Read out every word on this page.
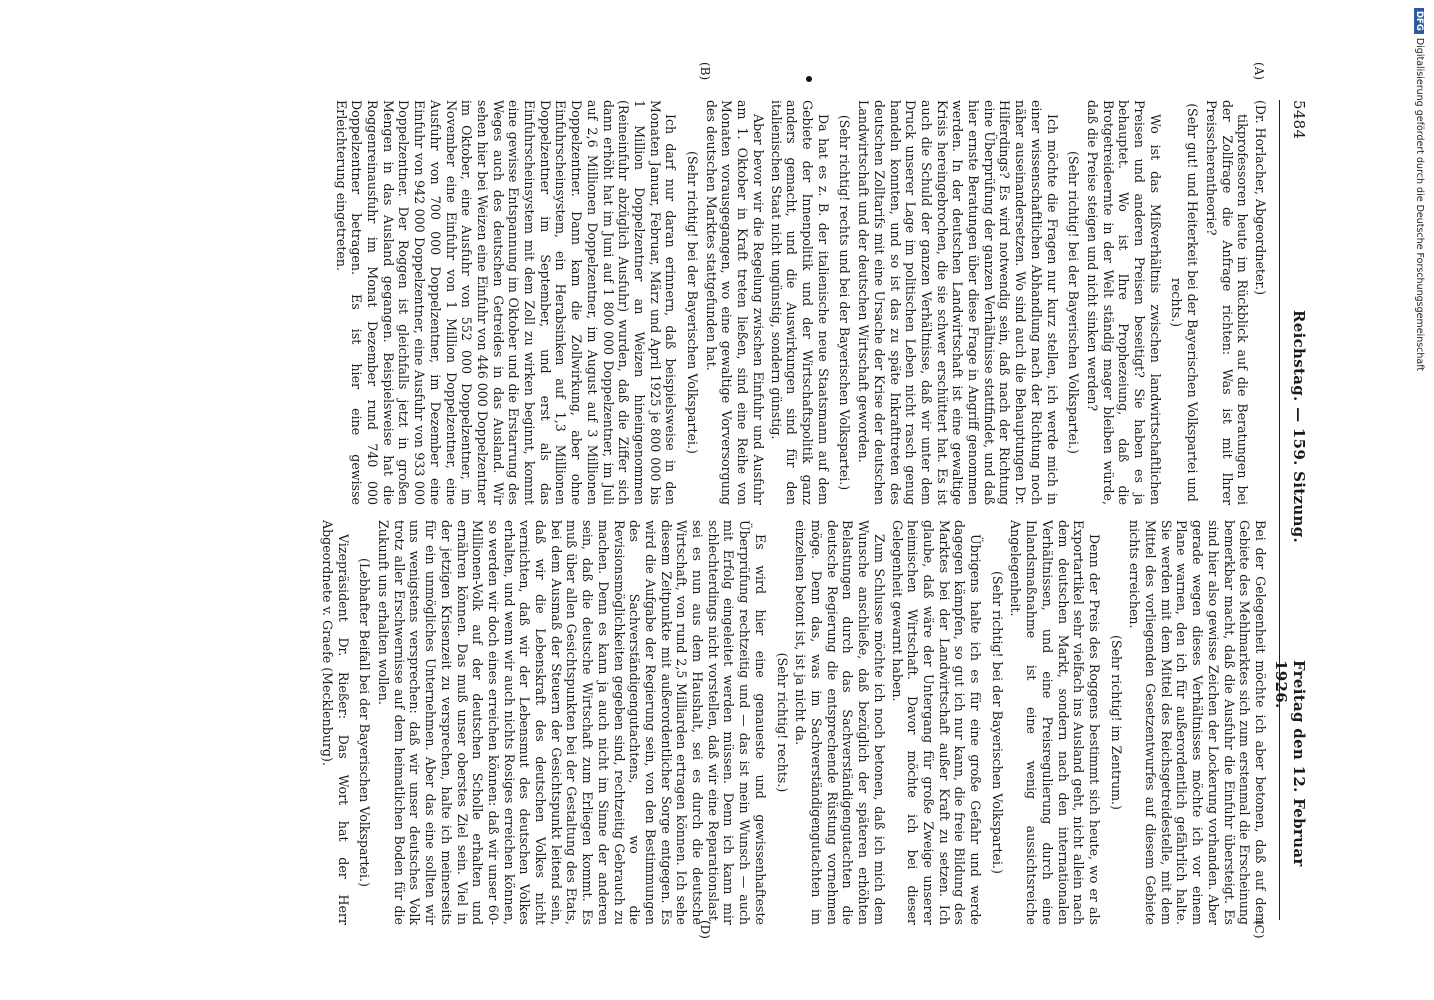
5484
Reichstag. — 159. Sitzung.
Freitag den 12. Februar 1926.
(A)
(B)
(C)
(D)

(Dr. Horlacher, Abgeordneter.)

tikprofessoren heute im Rückblick auf die Beratungen bei der Zollfrage die Anfrage richten: Was ist mit Ihrer Preisscherentheorie?

(Sehr gut! und Heiterkeit bei der Bayerischen Volkspartei und rechts.)

Wo ist das Mißverhältnis zwischen landwirtschaftlichen Preisen und anderen Preisen beseitigt? Sie haben es ja behauptet. Wo ist Ihre Prophezeiung, daß die Brotgetreideernte in der Welt ständig mager bleiben würde, daß die Preise steigen und nicht sinken werden?

(Sehr richtig! bei der Bayerischen Volkspartei.)

Ich möchte die Fragen nur kurz stellen, ich werde mich in einer wissenschaftlichen Abhandlung nach der Richtung noch näher auseinandersetzen. Wo sind auch die Behauptungen Dr. Hilferdings? Es wird notwendig sein, daß nach der Richtung eine Überprüfung der ganzen Verhältnisse stattfindet, und daß hier ernste Beratungen über diese Frage in Angriff genommen werden. In der deutschen Landwirtschaft ist eine gewaltige Krisis hereingebrochen, die sie schwer erschüttert hat. Es ist auch die Schuld der ganzen Verhältnisse, daß wir unter dem Druck unserer Lage im politischen Leben nicht rasch genug handeln konnten, und so ist das zu späte Inkrafttreten des deutschen Zolltarifs mit eine Ursache der Krise der deutschen Landwirtschaft und der deutschen Wirtschaft geworden.

(Sehr richtig! rechts und bei der Bayerischen Volkspartei.)

Da hat es z. B. der italienische neue Staatsmann auf dem Gebiete der Innenpolitik und der Wirtschaftspolitik ganz anders gemacht, und die Auswirkungen sind für den italienischen Staat nicht ungünstig, sondern günstig.

Aber bevor wir die Regelung zwischen Einfuhr und Ausfuhr am 1. Oktober in Kraft treten ließen, sind eine Reihe von Monaten vorausgegangen, wo eine gewaltige Vorversorgung des deutschen Marktes stattgefunden hat.

(Sehr richtig! bei der Bayerischen Volkspartei.)

Ich darf nur daran erinnern, daß beispielsweise in den Monaten Januar, Februar, März und April 1925 je 800 000 bis 1 Million Doppelzentner an Weizen hineingenommen (Reineinfuhr abzüglich Ausfuhr) wurden, daß die Ziffer sich dann erhöht hat im Juni auf 1 800 000 Doppelzentner, im Juli auf 2,6 Millionen Doppelzentner, im August auf 3 Millionen Doppelzentner. Dann kam die Zollwirkung, aber ohne Einfuhrscheinsystem, ein Herabsinken auf 1,3 Millionen Doppelzentner im September, und erst als das Einfuhrscheinsystem mit dem Zoll zu wirken beginnt, kommt eine gewisse Entspannung im Oktober und die Erstarrung des Weges auch des deutschen Getreides in das Ausland. Wir sehen hier bei Weizen eine Einfuhr von 446 000 Doppelzentner im Oktober, eine Ausfuhr von 552 000 Doppelzentner, im November eine Einfuhr von 1 Million Doppelzentner, eine Ausfuhr von 700 000 Doppelzentner, im Dezember eine Einfuhr von 942 000 Doppelzentner, eine Ausfuhr von 933 000 Doppelzentner. Der Roggen ist gleichfalls jetzt in großen Mengen in das Ausland gegangen. Beispielsweise hat die Roggenreinausfuhr im Monat Dezember rund 740 000 Doppelzentner betragen. Es ist hier eine gewisse Erleichterung eingetreten.

Bei der Gelegenheit möchte ich aber betonen, daß auf dem Gebiete des Mehlmarktes sich zum erstenmal die Erscheinung bemerkbar macht, daß die Ausfuhr die Einfuhr übersteigt. Es sind hier also gewisse Zeichen der Lockerung vorhanden. Aber gerade wegen dieses Verhältnisses möchte ich vor einem Plane warnen, den ich für außerordentlich gefährlich halte. Sie werden mit dem Mittel des Reichsgetreidestelle, mit dem Mittel des vorliegenden Gesetzentwurfes auf diesem Gebiete nichts erreichen.

(Sehr richtig! im Zentrum.)

Denn der Preis des Roggens bestimmt sich heute, wo er als Exportartikel sehr vielfach ins Ausland geht, nicht allein nach dem deutschen Markt, sondern nach den internationalen Verhältnissen, und eine Preisregulierung durch eine Inlandsmaßnahme ist eine wenig aussichtsreiche Angelegenheit.

(Sehr richtig! bei der Bayerischen Volkspartei.)

Übrigens halte ich es für eine große Gefahr und werde dagegen kämpfen, so gut ich nur kann, die freie Bildung des Marktes bei der Landwirtschaft außer Kraft zu setzen. Ich glaube, daß wäre der Untergang für große Zweige unserer heimischen Wirtschaft. Davor möchte ich bei dieser Gelegenheit gewarnt haben.

Zum Schlusse möchte ich noch betonen, daß ich mich dem Wunsche anschließe, daß bezüglich der späteren erhöhten Belastungen durch das Sachverständigengutachten die deutsche Regierung die entsprechende Rüstung vornehmen möge. Denn das, was im Sachverständigengutachten im einzelnen betont ist, ist ja nicht da.

(Sehr richtig! rechts.)

Es wird hier eine genaueste und gewissenhafteste Überprüfung rechtzeitig und — das ist mein Wunsch — auch mit Erfolg eingeleitet werden müssen. Denn ich kann mir schlechterdings nicht vorstellen, daß wir eine Reparationslast, sei es nun aus dem Haushalt, sei es durch die deutsche Wirtschaft, von rund 2,5 Milliarden ertragen können. Ich sehe diesem Zeitpunkte mit außerordentlicher Sorge entgegen. Es wird die Aufgabe der Regierung sein, von den Bestimmungen des Sachverständigengutachtens, wo die Revisionsmöglichkeiten gegeben sind, rechtzeitig Gebrauch zu machen. Denn es kann ja auch nicht im Sinne der anderen sein, daß die deutsche Wirtschaft zum Erliegen kommt. Es muß über allen Gesichtspunkten bei der Gestaltung des Etats, bei dem Ausmaß der Steuern der Gesichtspunkt leitend sein, daß wir die Lebenskraft des deutschen Volkes nicht vernichten, daß wir der Lebensmut des deutschen Volkes erhalten, und wenn wir auch nichts Rosiges erreichen können, so werden wir doch eines erreichen können: daß wir unser 60-Millionen-Volk auf der deutschen Scholle erhalten und ernähren können. Das muß unser oberstes Ziel sein. Viel in der jetzigen Krisenzeit zu versprechen, halte ich meinerseits für ein unmögliches Unternehmen. Aber das eine sollten wir uns wenigstens versprechen: daß wir unser deutsches Volk trotz aller Erschwernisse auf dem heimatlichen Boden für die Zukunft uns erhalten wollen.

(Lebhafter Beifall bei der Bayerischen Volkspartei.)

Vizepräsident Dr. Rießer: Das Wort hat der Herr Abgeordnete v. Graefe (Mecklenburg).

DFGDigitalisierung gefördert durch die Deutsche Forschungsgemeinschaft
